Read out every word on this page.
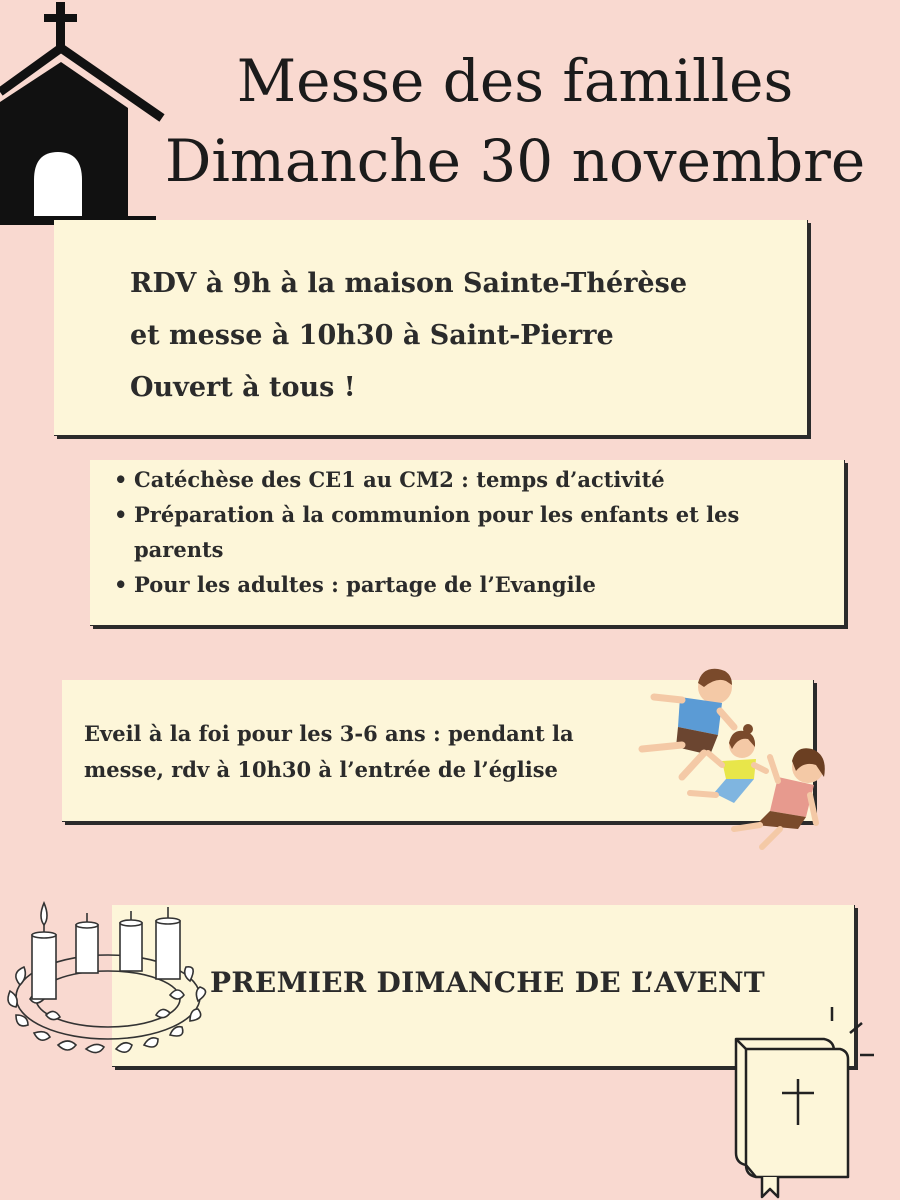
Messe des familles
Dimanche 30 novembre
RDV à 9h à la maison Sainte-Thérèse
et messe à 10h30 à Saint-Pierre
Ouvert à tous !
• Catéchèse des CE1 au CM2 : temps d’activité
• Préparation à la communion pour les enfants et les parents
• Pour les adultes : partage de l’Evangile

Eveil à la foi pour les 3-6 ans : pendant la messe, rdv à 10h30 à l’entrée de l’église

PREMIER DIMANCHE DE L’AVENT
